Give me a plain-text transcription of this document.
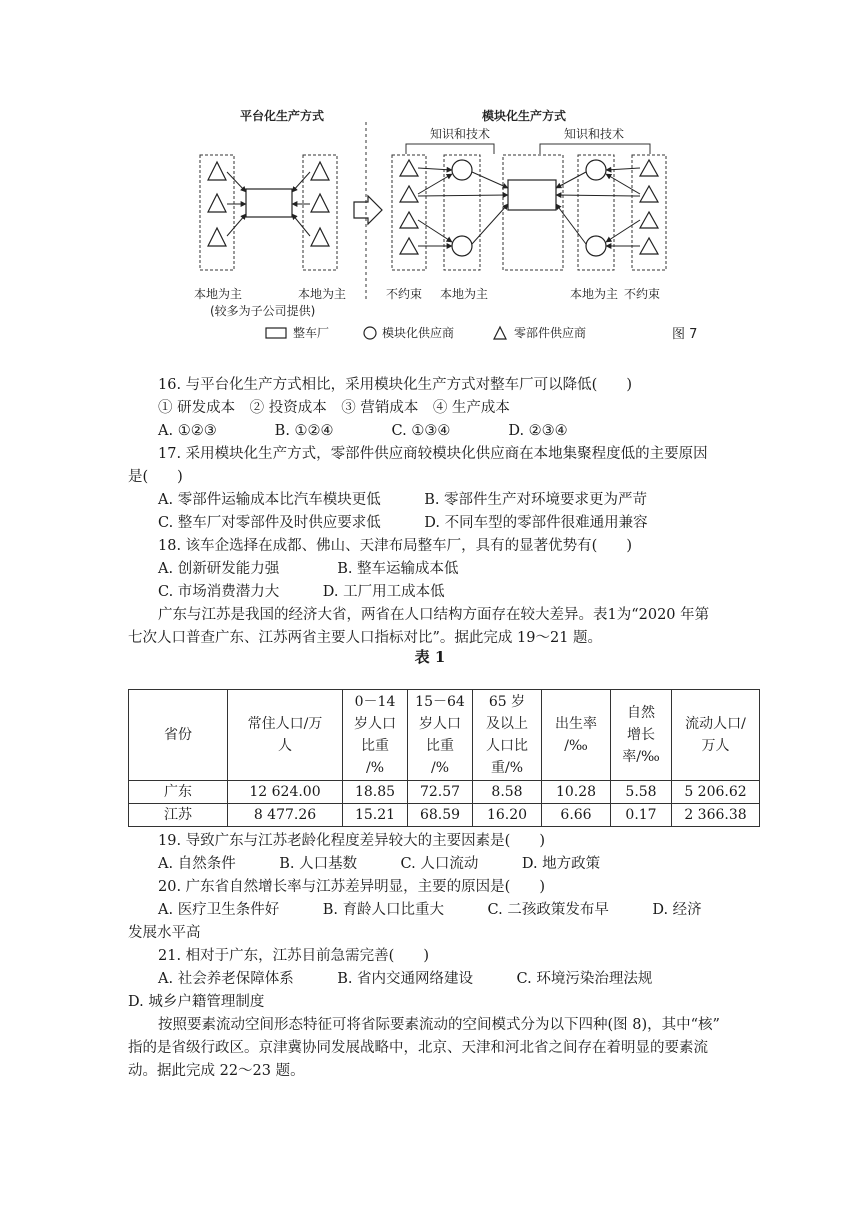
平台化生产方式	模块化生产方式
本地为主	本地为主
(较多为子公司提供)
知识和技术	知识和技术
不约束 本地为主	本地为主 不约束
整车厂	模块化供应商	零部件供应商	图 7
16. 与平台化生产方式相比，采用模块化生产方式对整车厂可以降低(　　)
① 研发成本　② 投资成本　③ 营销成本　④ 生产成本
A. ①②③　　　　B. ①②④　　　　C. ①③④　　　　D. ②③④
17. 采用模块化生产方式，零部件供应商较模块化供应商在本地集聚程度低的主要原因
是(　　)
A. 零部件运输成本比汽车模块更低　　　B. 零部件生产对环境要求更为严苛
C. 整车厂对零部件及时供应要求低　　　D. 不同车型的零部件很难通用兼容
18. 该车企选择在成都、佛山、天津布局整车厂，具有的显著优势有(　　)
A. 创新研发能力强　　　　B. 整车运输成本低
C. 市场消费潜力大　　　D. 工厂用工成本低
广东与江苏是我国的经济大省，两省在人口结构方面存在较大差异。表1为“2020 年第
七次人口普查广东、江苏两省主要人口指标对比”。据此完成 19～21 题。
表 1
省份	常住人口/万
人	0－14
岁人口
比重
/%	15－64
岁人口
比重
/%	65 岁
及以上
人口比
重/%	出生率
/‰	自然
增长
率/‰	流动人口/
万人
广东	12 624.00	18.85	72.57	8.58	10.28	5.58	5 206.62
江苏	8 477.26	15.21	68.59	16.20	6.66	0.17	2 366.38
19. 导致广东与江苏老龄化程度差异较大的主要因素是(　　)
A. 自然条件　　　B. 人口基数　　　C. 人口流动　　　D. 地方政策
20. 广东省自然增长率与江苏差异明显，主要的原因是(　　)
A. 医疗卫生条件好　　　B. 育龄人口比重大　　　C. 二孩政策发布早　　　D. 经济
发展水平高
21. 相对于广东，江苏目前急需完善(　　)
A. 社会养老保障体系　　　B. 省内交通网络建设　　　C. 环境污染治理法规
D. 城乡户籍管理制度
按照要素流动空间形态特征可将省际要素流动的空间模式分为以下四种(图 8)，其中“核”
指的是省级行政区。京津冀协同发展战略中，北京、天津和河北省之间存在着明显的要素流
动。据此完成 22～23 题。
